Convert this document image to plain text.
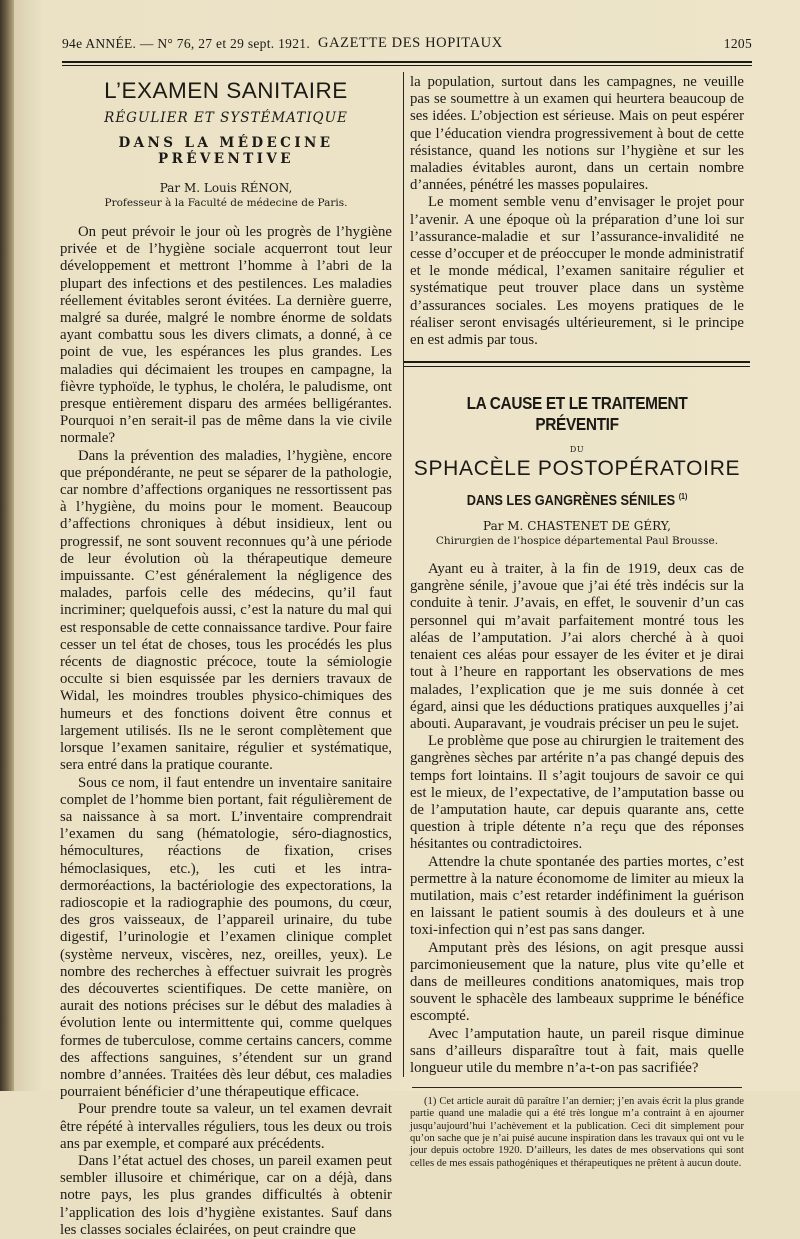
94e ANNÉE. — N° 76, 27 et 29 sept. 1921. GAZETTE DES HOPITAUX	1205
L’EXAMEN SANITAIRE
RÉGULIER ET SYSTÉMATIQUE
DANS LA MÉDECINE PRÉVENTIVE
Par M. Louis RÉNON,
Professeur à la Faculté de médecine de Paris.

On peut prévoir le jour où les progrès de l’hygiène privée et de l’hygiène sociale acquerront tout leur développement et mettront l’homme à l’abri de la plupart des infections et des pestilences. Les maladies réellement évitables seront évitées. La dernière guerre, malgré sa durée, malgré le nombre énorme de soldats ayant combattu sous les divers climats, a donné, à ce point de vue, les espérances les plus grandes. Les maladies qui décimaient les troupes en campagne, la fièvre typhoïde, le typhus, le choléra, le paludisme, ont presque entièrement disparu des armées belligérantes. Pourquoi n’en serait-il pas de même dans la vie civile normale?

Dans la prévention des maladies, l’hygiène, encore que prépondérante, ne peut se séparer de la pathologie, car nombre d’affections organiques ne ressortissent pas à l’hygiène, du moins pour le moment. Beaucoup d’affections chroniques à début insidieux, lent ou progressif, ne sont souvent reconnues qu’à une période de leur évolution où la thérapeutique demeure impuissante. C’est généralement la négligence des malades, parfois celle des médecins, qu’il faut incriminer; quelquefois aussi, c’est la nature du mal qui est responsable de cette connaissance tardive. Pour faire cesser un tel état de choses, tous les procédés les plus récents de diagnostic précoce, toute la sémiologie occulte si bien esquissée par les derniers travaux de Widal, les moindres troubles physico-chimiques des humeurs et des fonctions doivent être connus et largement utilisés. Ils ne le seront complètement que lorsque l’examen sanitaire, régulier et systématique, sera entré dans la pratique courante.

Sous ce nom, il faut entendre un inventaire sanitaire complet de l’homme bien portant, fait régulièrement de sa naissance à sa mort. L’inventaire comprendrait l’examen du sang (hématologie, séro-diagnostics, hémocultures, réactions de fixation, crises hémoclasiques, etc.), les cuti et les intra-dermoréactions, la bactériologie des expectorations, la radioscopie et la radiographie des poumons, du cœur, des gros vaisseaux, de l’appareil urinaire, du tube digestif, l’urinologie et l’examen clinique complet (système nerveux, viscères, nez, oreilles, yeux). Le nombre des recherches à effectuer suivrait les progrès des découvertes scientifiques. De cette manière, on aurait des notions précises sur le début des maladies à évolution lente ou intermittente qui, comme quelques formes de tuberculose, comme certains cancers, comme des affections sanguines, s’étendent sur un grand nombre d’années. Traitées dès leur début, ces maladies pourraient bénéficier d’une thérapeutique efficace.

Pour prendre toute sa valeur, un tel examen devrait être répété à intervalles réguliers, tous les deux ou trois ans par exemple, et comparé aux précédents.

Dans l’état actuel des choses, un pareil examen peut sembler illusoire et chimérique, car on a déjà, dans notre pays, les plus grandes difficultés à obtenir l’application des lois d’hygiène existantes. Sauf dans les classes sociales éclairées, on peut craindre que

la population, surtout dans les campagnes, ne veuille pas se soumettre à un examen qui heurtera beaucoup de ses idées. L’objection est sérieuse. Mais on peut espérer que l’éducation viendra progressivement à bout de cette résistance, quand les notions sur l’hygiène et sur les maladies évitables auront, dans un certain nombre d’années, pénétré les masses populaires.

Le moment semble venu d’envisager le projet pour l’avenir. A une époque où la préparation d’une loi sur l’assurance-maladie et sur l’assurance-invalidité ne cesse d’occuper et de préoccuper le monde administratif et le monde médical, l’examen sanitaire régulier et systématique peut trouver place dans un système d’assurances sociales. Les moyens pratiques de le réaliser seront envisagés ultérieurement, si le principe en est admis par tous.

LA CAUSE ET LE TRAITEMENT PRÉVENTIF
DU
SPHACÈLE POSTOPÉRATOIRE
DANS LES GANGRÈNES SÉNILES $^{(1)}$
Par M. CHASTENET DE GÉRY,
Chirurgien de l’hospice départemental Paul Brousse.

Ayant eu à traiter, à la fin de 1919, deux cas de gangrène sénile, j’avoue que j’ai été très indécis sur la conduite à tenir. J’avais, en effet, le souvenir d’un cas personnel qui m’avait parfaitement montré tous les aléas de l’amputation. J’ai alors cherché à à quoi tenaient ces aléas pour essayer de les éviter et je dirai tout à l’heure en rapportant les observations de mes malades, l’explication que je me suis donnée à cet égard, ainsi que les déductions pratiques auxquelles j’ai abouti. Auparavant, je voudrais préciser un peu le sujet.

Le problème que pose au chirurgien le traitement des gangrènes sèches par artérite n’a pas changé depuis des temps fort lointains. Il s’agit toujours de savoir ce qui est le mieux, de l’expectative, de l’amputation basse ou de l’amputation haute, car depuis quarante ans, cette question à triple détente n’a reçu que des réponses hésitantes ou contradictoires.

Attendre la chute spontanée des parties mortes, c’est permettre à la nature économome de limiter au mieux la mutilation, mais c’est retarder indéfiniment la guérison en laissant le patient soumis à des douleurs et à une toxi-infection qui n’est pas sans danger.

Amputant près des lésions, on agit presque aussi parcimonieusement que la nature, plus vite qu’elle et dans de meilleures conditions anatomiques, mais trop souvent le sphacèle des lambeaux supprime le bénéfice escompté.

Avec l’amputation haute, un pareil risque diminue sans d’ailleurs disparaître tout à fait, mais quelle longueur utile du membre n’a-t-on pas sacrifiée?

(1) Cet article aurait dû paraître l’an dernier; j’en avais écrit la plus grande partie quand une maladie qui a été très longue m’a contraint à en ajourner jusqu’aujourd’hui l’achèvement et la publication. Ceci dit simplement pour qu’on sache que je n’ai puisé aucune inspiration dans les travaux qui ont vu le jour depuis octobre 1920. D’ailleurs, les dates de mes observations qui sont celles de mes essais pathogéniques et thérapeutiques ne prêtent à aucun doute.
